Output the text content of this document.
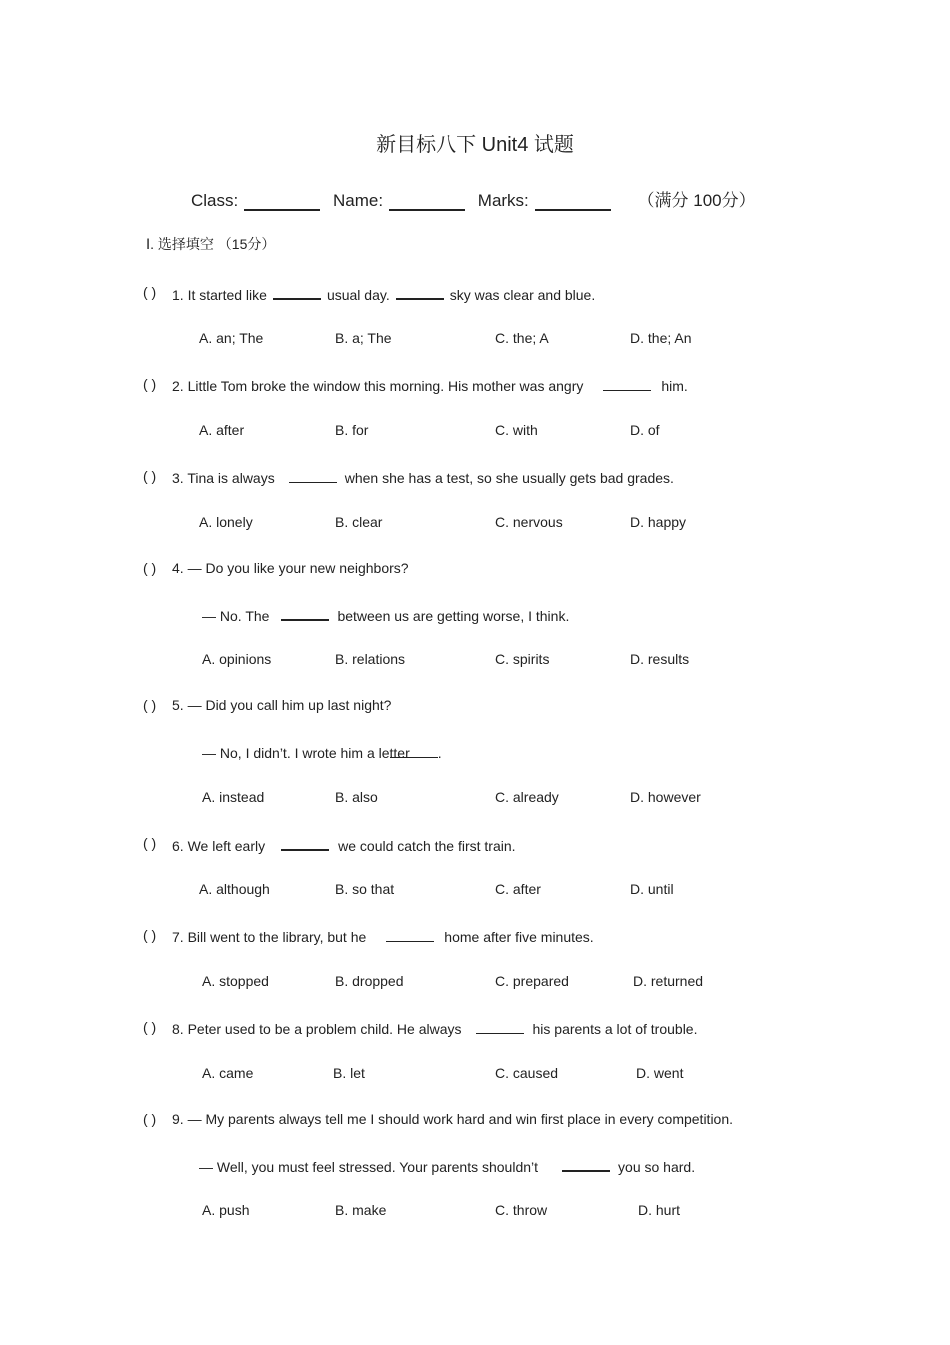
新目标八下 Unit4 试题
Class:	Name:	Marks:	（满分 100分）
Ⅰ. 选择填空 （15分）
( ) 1. It started like	usual day.	sky was clear and blue.
A. an; The	B. a; The	C. the; A	D. the; An
( ) 2. Little Tom broke the window this morning. His mother was angry	him.
A. after	B. for	C. with	D. of
( ) 3. Tina is always	when she has a test, so she usually gets bad grades.
A. lonely	B. clear	C. nervous	D. happy
( ) 4. — Do you like your new neighbors?
— No. The	between us are getting worse, I think.
A. opinions	B. relations	C. spirits	D. results
( ) 5. — Did you call him up last night?
— No, I didn’t. I wrote him a letter .
A. instead	B. also	C. already	D. however
( ) 6. We left early	we could catch the first train.
A. although	B. so that	C. after	D. until
( ) 7. Bill went to the library, but he	home after five minutes.
A. stopped	B. dropped	C. prepared	D. returned
( ) 8. Peter used to be a problem child. He always	his parents a lot of trouble.
A. came	B. let	C. caused	D. went
( ) 9. — My parents always tell me I should work hard and win first place in every competition.
— Well, you must feel stressed. Your parents shouldn’t	you so hard.
A. push	B. make	C. throw	D. hurt
